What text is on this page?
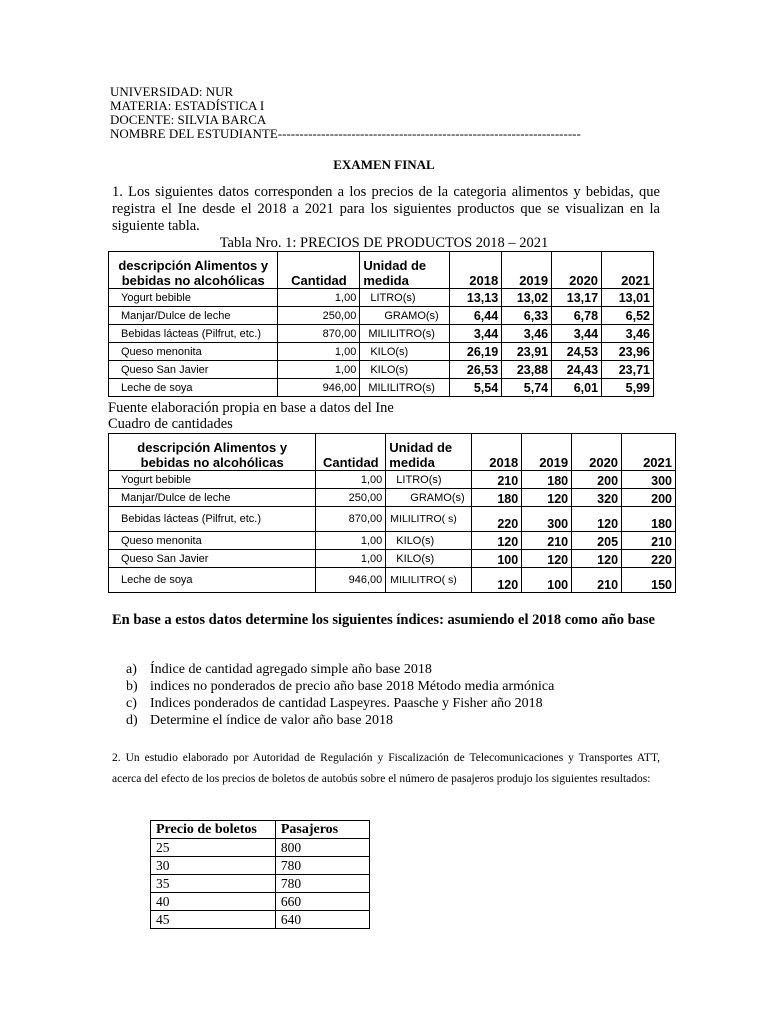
UNIVERSIDAD: NUR
MATERIA: ESTADÍSTICA I
DOCENTE: SILVIA BARCA
NOMBRE DEL ESTUDIANTE----------------------------------------------------------------------
EXAMEN FINAL
1. Los siguientes datos corresponden a los precios de la categoria alimentos y bebidas, que registra el Ine desde el 2018 a 2021 para los siguientes productos que se visualizan en la siguiente tabla.
Tabla Nro. 1: PRECIOS DE PRODUCTOS 2018 – 2021
descripción Alimentos y bebidas no alcohólicas	Cantidad	Unidad de medida	2018	2019	2020	2021
Yogurt bebible	1,00	LITRO(s)	13,13	13,02	13,17	13,01
Manjar/Dulce de leche	250,00	GRAMO(s)	6,44	6,33	6,78	6,52
Bebidas lácteas (Pilfrut, etc.)	870,00	MILILITRO(s)	3,44	3,46	3,44	3,46
Queso menonita	1,00	KILO(s)	26,19	23,91	24,53	23,96
Queso San Javier	1,00	KILO(s)	26,53	23,88	24,43	23,71
Leche de soya	946,00	MILILITRO(s)	5,54	5,74	6,01	5,99
Fuente elaboración propia en base a datos del Ine
Cuadro de cantidades
descripción Alimentos y bebidas no alcohólicas	Cantidad	Unidad de medida	2018	2019	2020	2021
Yogurt bebible	1,00	LITRO(s)	210	180	200	300
Manjar/Dulce de leche	250,00	GRAMO(s)	180	120	320	200
Bebidas lácteas (Pilfrut, etc.)	870,00	MILILITRO( s)	220	300	120	180
Queso menonita	1,00	KILO(s)	120	210	205	210
Queso San Javier	1,00	KILO(s)	100	120	120	220
Leche de soya	946,00	MILILITRO( s)	120	100	210	150
En base a estos datos determine los siguientes índices: asumiendo el 2018 como año base
a) Índice de cantidad agregado simple año base 2018
b) indices no ponderados de precio año base 2018 Método media armónica
c) Indices ponderados de cantidad Laspeyres. Paasche y Fisher año 2018
d) Determine el índice de valor año base 2018
2. Un estudio elaborado por Autoridad de Regulación y Fiscalización de Telecomunicaciones y Transportes ATT, acerca del efecto de los precios de boletos de autobús sobre el número de pasajeros produjo los siguientes resultados:
Precio de boletos	Pasajeros
25	800
30	780
35	780
40	660
45	640
